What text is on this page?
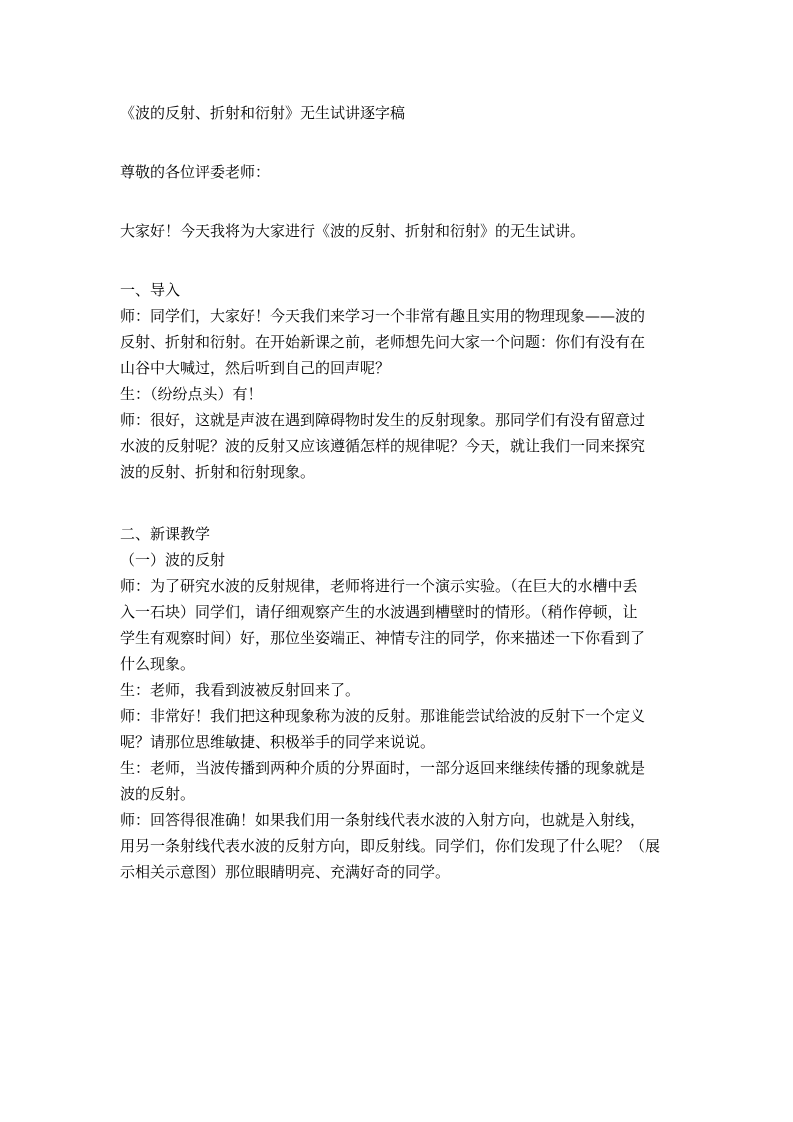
《波的反射、折射和衍射》无生试讲逐字稿
尊敬的各位评委老师：
大家好！今天我将为大家进行《波的反射、折射和衍射》的无生试讲。
一、导入
师：同学们，大家好！今天我们来学习一个非常有趣且实用的物理现象——波的
反射、折射和衍射。在开始新课之前，老师想先问大家一个问题：你们有没有在
山谷中大喊过，然后听到自己的回声呢？
生：（纷纷点头）有！
师：很好，这就是声波在遇到障碍物时发生的反射现象。那同学们有没有留意过
水波的反射呢？波的反射又应该遵循怎样的规律呢？今天，就让我们一同来探究
波的反射、折射和衍射现象。
二、新课教学
（一）波的反射
师：为了研究水波的反射规律，老师将进行一个演示实验。（在巨大的水槽中丢
入一石块）同学们，请仔细观察产生的水波遇到槽壁时的情形。（稍作停顿，让
学生有观察时间）好，那位坐姿端正、神情专注的同学，你来描述一下你看到了
什么现象。
生：老师，我看到波被反射回来了。
师：非常好！我们把这种现象称为波的反射。那谁能尝试给波的反射下一个定义
呢？请那位思维敏捷、积极举手的同学来说说。
生：老师，当波传播到两种介质的分界面时，一部分返回来继续传播的现象就是
波的反射。
师：回答得很准确！如果我们用一条射线代表水波的入射方向，也就是入射线，
用另一条射线代表水波的反射方向，即反射线。同学们，你们发现了什么呢？（展
示相关示意图）那位眼睛明亮、充满好奇的同学。
